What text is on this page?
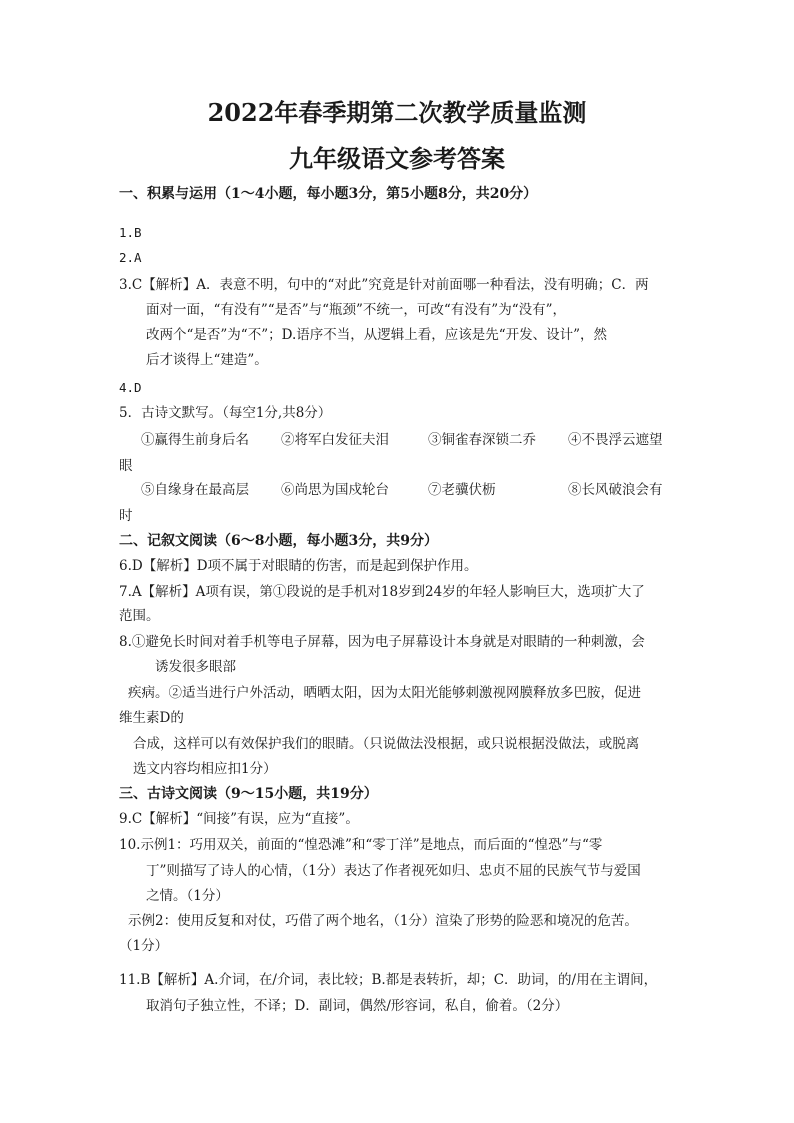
2022年春季期第二次教学质量监测
九年级语文参考答案
一、积累与运用（1～4小题，每小题3分，第5小题8分，共20分）
1.B
2.A
3.C【解析】A．表意不明，句中的“对此”究竟是针对前面哪一种看法，没有明确；C．两
面对一面，“有没有”“是否”与“瓶颈”不统一，可改“有没有”为“没有”，
改两个“是否”为“不”；D.语序不当，从逻辑上看，应该是先“开发、设计”，然
后才谈得上“建造”。
4.D
5．古诗文默写。（每空1分,共8分）
①赢得生前身后名 ②将军白发征夫泪	③铜雀春深锁二乔 ④不畏浮云遮望
眼
⑤自缘身在最高层 ⑥尚思为国戍轮台	⑦老骥伏枥	⑧长风破浪会有
时
二、记叙文阅读（6～8小题，每小题3分，共9分）
6.D【解析】D项不属于对眼睛的伤害，而是起到保护作用。
7.A【解析】A项有误，第①段说的是手机对18岁到24岁的年轻人影响巨大，选项扩大了
范围。
8.①避免长时间对着手机等电子屏幕，因为电子屏幕设计本身就是对眼睛的一种刺激，会
诱发很多眼部
疾病。②适当进行户外活动，晒晒太阳，因为太阳光能够刺激视网膜释放多巴胺，促进
维生素D的
合成，这样可以有效保护我们的眼睛。（只说做法没根据，或只说根据没做法，或脱离
选文内容均相应扣1分）
三、古诗文阅读（9～15小题，共19分）
9.C【解析】“间接”有误，应为“直接”。
10.示例1：巧用双关，前面的“惶恐滩”和“零丁洋”是地点，而后面的“惶恐”与“零
丁”则描写了诗人的心情，（1分）表达了作者视死如归、忠贞不屈的民族气节与爱国
之情。（1分）
示例2：使用反复和对仗，巧借了两个地名，（1分）渲染了形势的险恶和境况的危苦。
（1分）
11.B【解析】A.介词，在/介词，表比较；B.都是表转折，却；C．助词，的/用在主谓间，
取消句子独立性，不译；D．副词，偶然/形容词，私自，偷着。（2分）
